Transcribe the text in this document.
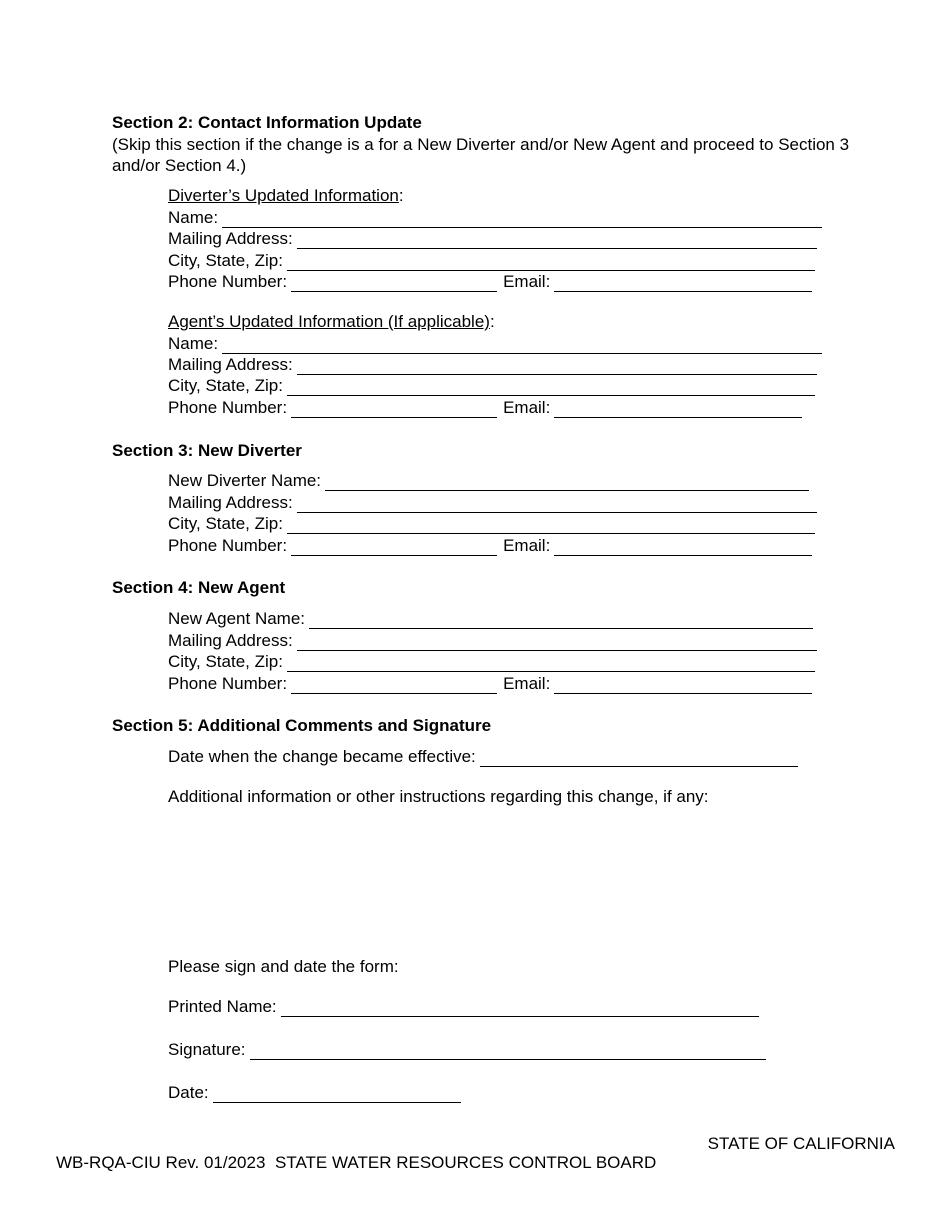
Section 2: Contact Information Update
(Skip this section if the change is a for a New Diverter and/or New Agent and proceed to Section 3 and/or Section 4.)
Diverter’s Updated Information:
Name:
Mailing Address:
City, State, Zip:
Phone Number:	Email:
Agent’s Updated Information (If applicable):
Name:
Mailing Address:
City, State, Zip:
Phone Number:	Email:
Section 3: New Diverter
New Diverter Name:
Mailing Address:
City, State, Zip:
Phone Number:	Email:
Section 4: New Agent
New Agent Name:
Mailing Address:
City, State, Zip:
Phone Number:	Email:
Section 5: Additional Comments and Signature
Date when the change became effective:
Additional information or other instructions regarding this change, if any:
Please sign and date the form:
Printed Name:
Signature:
Date:
STATE OF CALIFORNIA
WB-RQA-CIU Rev. 01/2023 STATE WATER RESOURCES CONTROL BOARD
